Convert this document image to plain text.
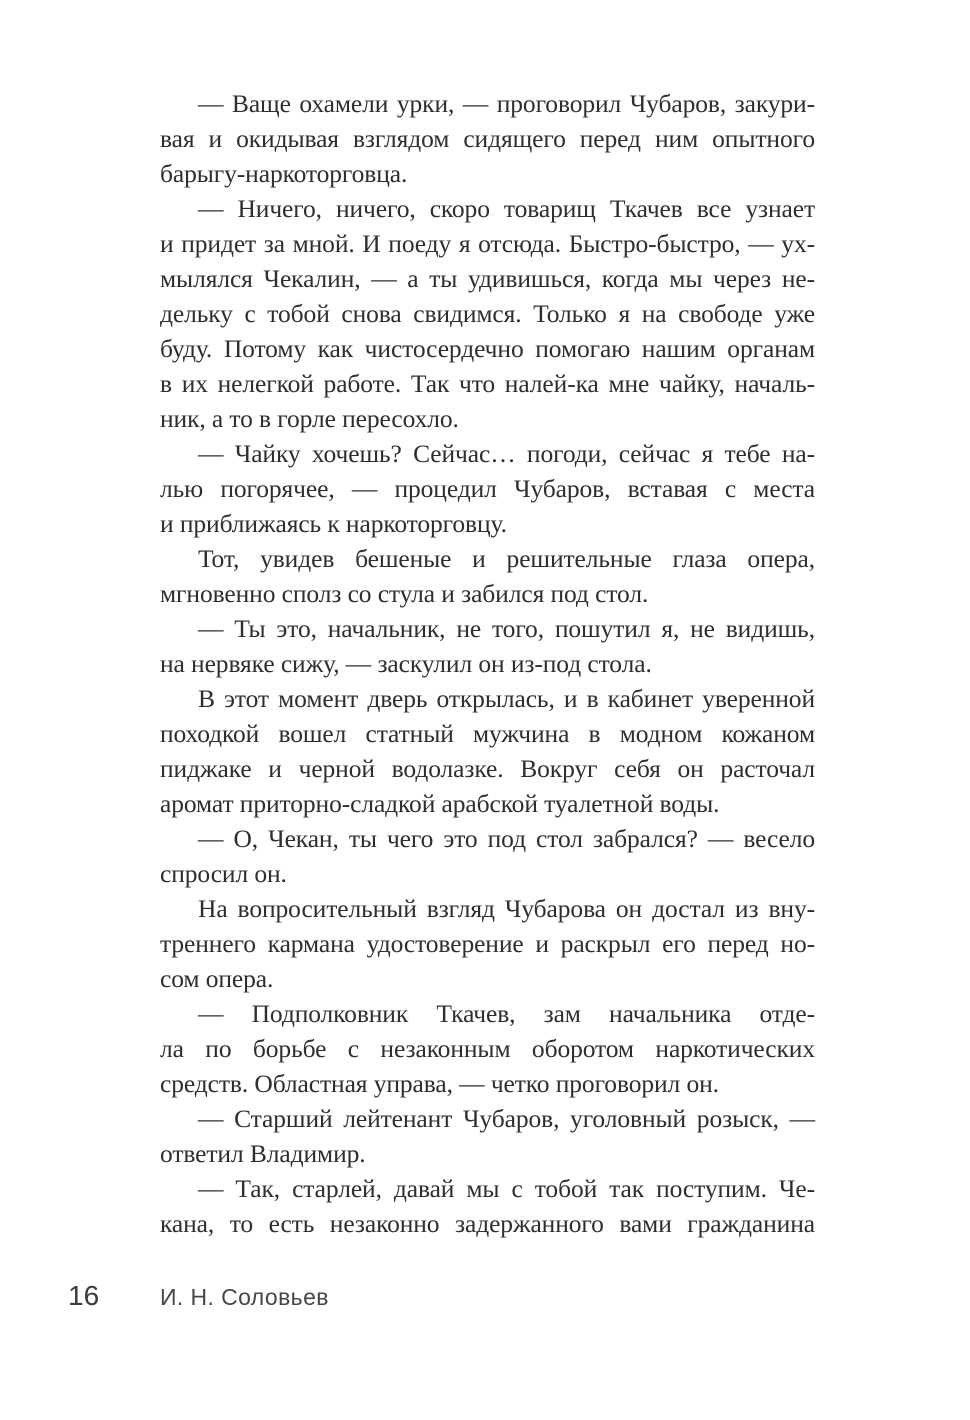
— Ваще охамели урки, — проговорил Чубаров, закури-
вая и окидывая взглядом сидящего перед ним опытного
барыгу-наркоторговца.
— Ничего, ничего, скоро товарищ Ткачев все узнает
и придет за мной. И поеду я отсюда. Быстро-быстро, — ух-
мылялся Чекалин, — а ты удивишься, когда мы через не-
дельку с тобой снова свидимся. Только я на свободе уже
буду. Потому как чистосердечно помогаю нашим органам
в их нелегкой работе. Так что налей-ка мне чайку, началь-
ник, а то в горле пересохло.
— Чайку хочешь? Сейчас… погоди, сейчас я тебе на-
лью погорячее, — процедил Чубаров, вставая с места
и приближаясь к наркоторговцу.
Тот, увидев бешеные и решительные глаза опера,
мгновенно сполз со стула и забился под стол.
— Ты это, начальник, не того, пошутил я, не видишь,
на нервяке сижу, — заскулил он из-под стола.
В этот момент дверь открылась, и в кабинет уверенной
походкой вошел статный мужчина в модном кожаном
пиджаке и черной водолазке. Вокруг себя он расточал
аромат приторно-сладкой арабской туалетной воды.
— О, Чекан, ты чего это под стол забрался? — весело
спросил он.
На вопросительный взгляд Чубарова он достал из вну-
треннего кармана удостоверение и раскрыл его перед но-
сом опера.
— Подполковник Ткачев, зам начальника отде-
ла по борьбе с незаконным оборотом наркотических
средств. Областная управа, — четко проговорил он.
— Старший лейтенант Чубаров, уголовный розыск, —
ответил Владимир.
— Так, старлей, давай мы с тобой так поступим. Че-
кана, то есть незаконно задержанного вами гражданина
16	И. Н. Соловьев
